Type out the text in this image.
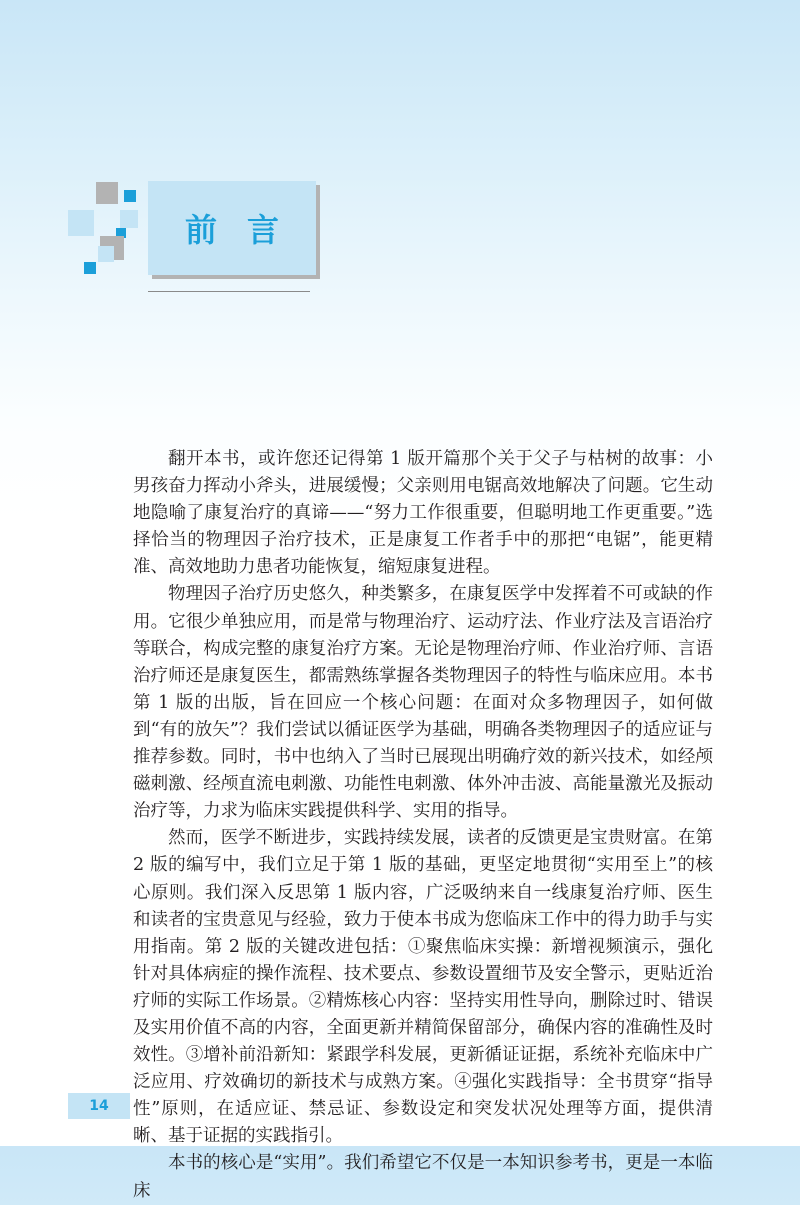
前言

翻开本书，或许您还记得第 1 版开篇那个关于父子与枯树的故事：小男孩奋力挥动小斧头，进展缓慢；父亲则用电锯高效地解决了问题。它生动地隐喻了康复治疗的真谛——“努力工作很重要，但聪明地工作更重要。”选择恰当的物理因子治疗技术，正是康复工作者手中的那把“电锯”，能更精准、高效地助力患者功能恢复，缩短康复进程。

物理因子治疗历史悠久，种类繁多，在康复医学中发挥着不可或缺的作用。它很少单独应用，而是常与物理治疗、运动疗法、作业疗法及言语治疗等联合，构成完整的康复治疗方案。无论是物理治疗师、作业治疗师、言语治疗师还是康复医生，都需熟练掌握各类物理因子的特性与临床应用。本书第 1 版的出版，旨在回应一个核心问题：在面对众多物理因子，如何做到“有的放矢”？我们尝试以循证医学为基础，明确各类物理因子的适应证与推荐参数。同时，书中也纳入了当时已展现出明确疗效的新兴技术，如经颅磁刺激、经颅直流电刺激、功能性电刺激、体外冲击波、高能量激光及振动治疗等，力求为临床实践提供科学、实用的指导。

然而，医学不断进步，实践持续发展，读者的反馈更是宝贵财富。在第 2 版的编写中，我们立足于第 1 版的基础，更坚定地贯彻“实用至上”的核心原则。我们深入反思第 1 版内容，广泛吸纳来自一线康复治疗师、医生和读者的宝贵意见与经验，致力于使本书成为您临床工作中的得力助手与实用指南。第 2 版的关键改进包括：①聚焦临床实操：新增视频演示，强化针对具体病症的操作流程、技术要点、参数设置细节及安全警示，更贴近治疗师的实际工作场景。②精炼核心内容：坚持实用性导向，删除过时、错误及实用价值不高的内容，全面更新并精简保留部分，确保内容的准确性及时效性。③增补前沿新知：紧跟学科发展，更新循证证据，系统补充临床中广泛应用、疗效确切的新技术与成熟方案。④强化实践指导：全书贯穿“指导性”原则，在适应证、禁忌证、参数设定和突发状况处理等方面，提供清晰、基于证据的实践指引。

本书的核心是“实用”。我们希望它不仅是一本知识参考书，更是一本临床

14
